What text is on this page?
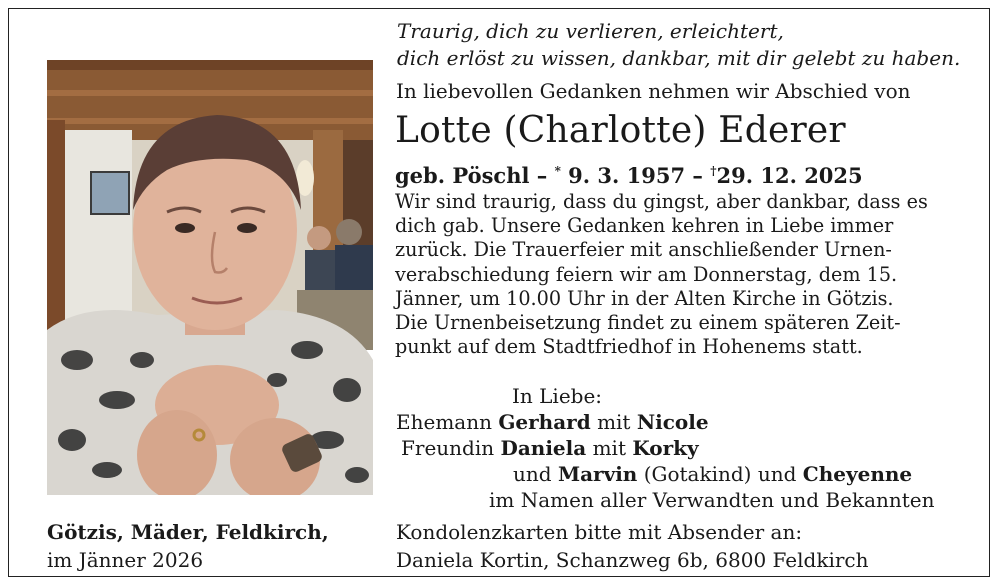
Traurig, dich zu verlieren, erleichtert,
dich erlöst zu wissen, dankbar, mit dir gelebt zu haben.
In liebevollen Gedanken nehmen wir Abschied von
Lotte (Charlotte) Ederer
geb. Pöschl – * 9. 3. 1957 – †29. 12. 2025
Wir sind traurig, dass du gingst, aber dankbar, dass es
dich gab. Unsere Gedanken kehren in Liebe immer
zurück. Die Trauerfeier mit anschließender Urnen-
verabschiedung feiern wir am Donnerstag, dem 15.
Jänner, um 10.00 Uhr in der Alten Kirche in Götzis.
Die Urnenbeisetzung findet zu einem späteren Zeit-
punkt auf dem Stadtfriedhof in Hohenems statt.
In Liebe:
Ehemann Gerhard mit Nicole
Freundin Daniela mit Korky
und Marvin (Gotakind) und Cheyenne
im Namen aller Verwandten und Bekannten
Götzis, Mäder, Feldkirch,
im Jänner 2026
Kondolenzkarten bitte mit Absender an:
Daniela Kortin, Schanzweg 6b, 6800 Feldkirch
